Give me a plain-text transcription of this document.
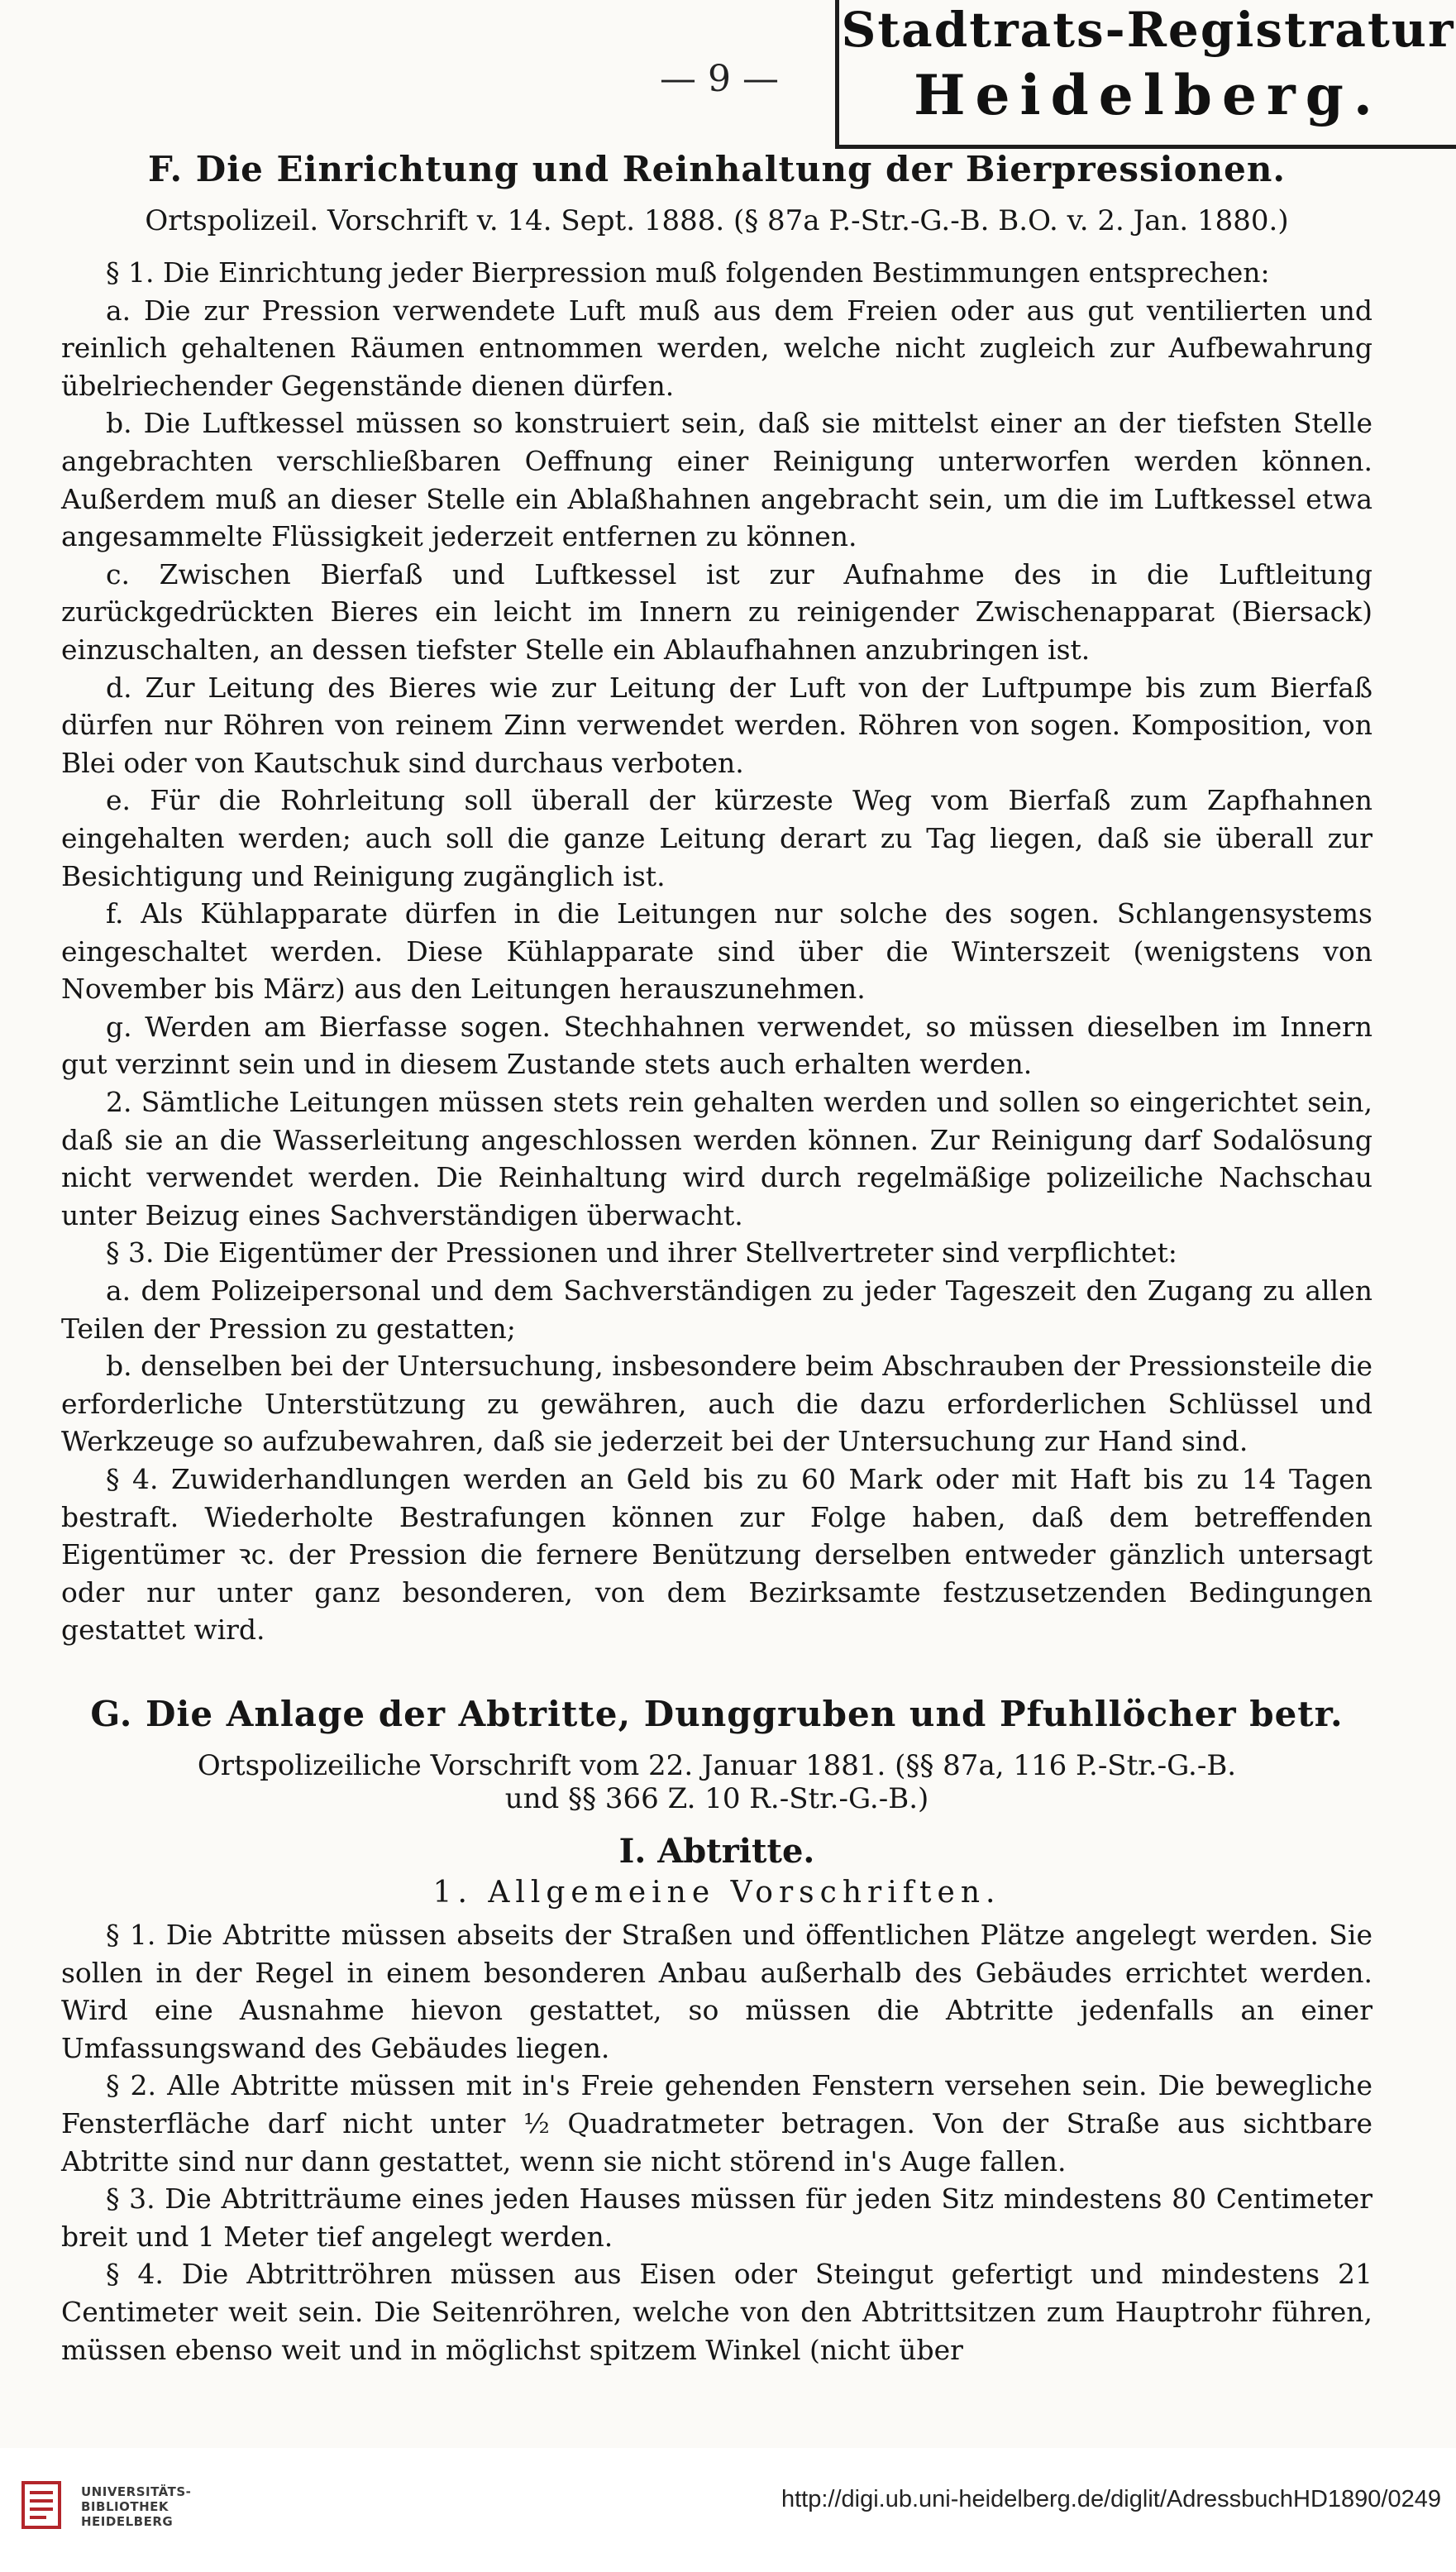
Stadtrats-Registratur
Heidelberg.
— 9 —
F. Die Einrichtung und Reinhaltung der Bierpressionen.
Ortspolizeil. Vorschrift v. 14. Sept. 1888. (§ 87a P.-Str.-G.-B. B.O. v. 2. Jan. 1880.)

§ 1. Die Einrichtung jeder Bierpression muß folgenden Bestimmungen entsprechen:

a. Die zur Pression verwendete Luft muß aus dem Freien oder aus gut ventilierten und reinlich gehaltenen Räumen entnommen werden, welche nicht zugleich zur Aufbewahrung übelriechender Gegenstände dienen dürfen.

b. Die Luftkessel müssen so konstruiert sein, daß sie mittelst einer an der tiefsten Stelle angebrachten verschließbaren Oeffnung einer Reinigung unterworfen werden können. Außerdem muß an dieser Stelle ein Ablaßhahnen angebracht sein, um die im Luftkessel etwa angesammelte Flüssigkeit jederzeit entfernen zu können.

c. Zwischen Bierfaß und Luftkessel ist zur Aufnahme des in die Luftleitung zurückgedrückten Bieres ein leicht im Innern zu reinigender Zwischenapparat (Biersack) einzuschalten, an dessen tiefster Stelle ein Ablaufhahnen anzubringen ist.

d. Zur Leitung des Bieres wie zur Leitung der Luft von der Luftpumpe bis zum Bierfaß dürfen nur Röhren von reinem Zinn verwendet werden. Röhren von sogen. Komposition, von Blei oder von Kautschuk sind durchaus verboten.

e. Für die Rohrleitung soll überall der kürzeste Weg vom Bierfaß zum Zapfhahnen eingehalten werden; auch soll die ganze Leitung derart zu Tag liegen, daß sie überall zur Besichtigung und Reinigung zugänglich ist.

f. Als Kühlapparate dürfen in die Leitungen nur solche des sogen. Schlangensystems eingeschaltet werden. Diese Kühlapparate sind über die Winterszeit (wenigstens von November bis März) aus den Leitungen herauszunehmen.

g. Werden am Bierfasse sogen. Stechhahnen verwendet, so müssen dieselben im Innern gut verzinnt sein und in diesem Zustande stets auch erhalten werden.

2. Sämtliche Leitungen müssen stets rein gehalten werden und sollen so eingerichtet sein, daß sie an die Wasserleitung angeschlossen werden können. Zur Reinigung darf Sodalösung nicht verwendet werden. Die Reinhaltung wird durch regelmäßige polizeiliche Nachschau unter Beizug eines Sachverständigen überwacht.

§ 3. Die Eigentümer der Pressionen und ihrer Stellvertreter sind verpflichtet:

a. dem Polizeipersonal und dem Sachverständigen zu jeder Tageszeit den Zugang zu allen Teilen der Pression zu gestatten;

b. denselben bei der Untersuchung, insbesondere beim Abschrauben der Pressionsteile die erforderliche Unterstützung zu gewähren, auch die dazu erforderlichen Schlüssel und Werkzeuge so aufzubewahren, daß sie jederzeit bei der Untersuchung zur Hand sind.

§ 4. Zuwiderhandlungen werden an Geld bis zu 60 Mark oder mit Haft bis zu 14 Tagen bestraft. Wiederholte Bestrafungen können zur Folge haben, daß dem betreffenden Eigentümer ꝛc. der Pression die fernere Benützung derselben entweder gänzlich untersagt oder nur unter ganz besonderen, von dem Bezirksamte festzusetzenden Bedingungen gestattet wird.

G. Die Anlage der Abtritte, Dunggruben und Pfuhllöcher betr.
Ortspolizeiliche Vorschrift vom 22. Januar 1881. (§§ 87a, 116 P.-Str.-G.-B.
und §§ 366 Z. 10 R.-Str.-G.-B.)
I. Abtritte.
1. Allgemeine Vorschriften.

§ 1. Die Abtritte müssen abseits der Straßen und öffentlichen Plätze angelegt werden. Sie sollen in der Regel in einem besonderen Anbau außerhalb des Gebäudes errichtet werden. Wird eine Ausnahme hievon gestattet, so müssen die Abtritte jedenfalls an einer Umfassungswand des Gebäudes liegen.

§ 2. Alle Abtritte müssen mit in's Freie gehenden Fenstern versehen sein. Die bewegliche Fensterfläche darf nicht unter ½ Quadratmeter betragen. Von der Straße aus sichtbare Abtritte sind nur dann gestattet, wenn sie nicht störend in's Auge fallen.

§ 3. Die Abtritträume eines jeden Hauses müssen für jeden Sitz mindestens 80 Centimeter breit und 1 Meter tief angelegt werden.

§ 4. Die Abtrittröhren müssen aus Eisen oder Steingut gefertigt und mindestens 21 Centimeter weit sein. Die Seitenröhren, welche von den Abtrittsitzen zum Hauptrohr führen, müssen ebenso weit und in möglichst spitzem Winkel (nicht über

UNIVERSITÄTS-
BIBLIOTHEK
HEIDELBERG
http://digi.ub.uni-heidelberg.de/diglit/AdressbuchHD1890/0249
